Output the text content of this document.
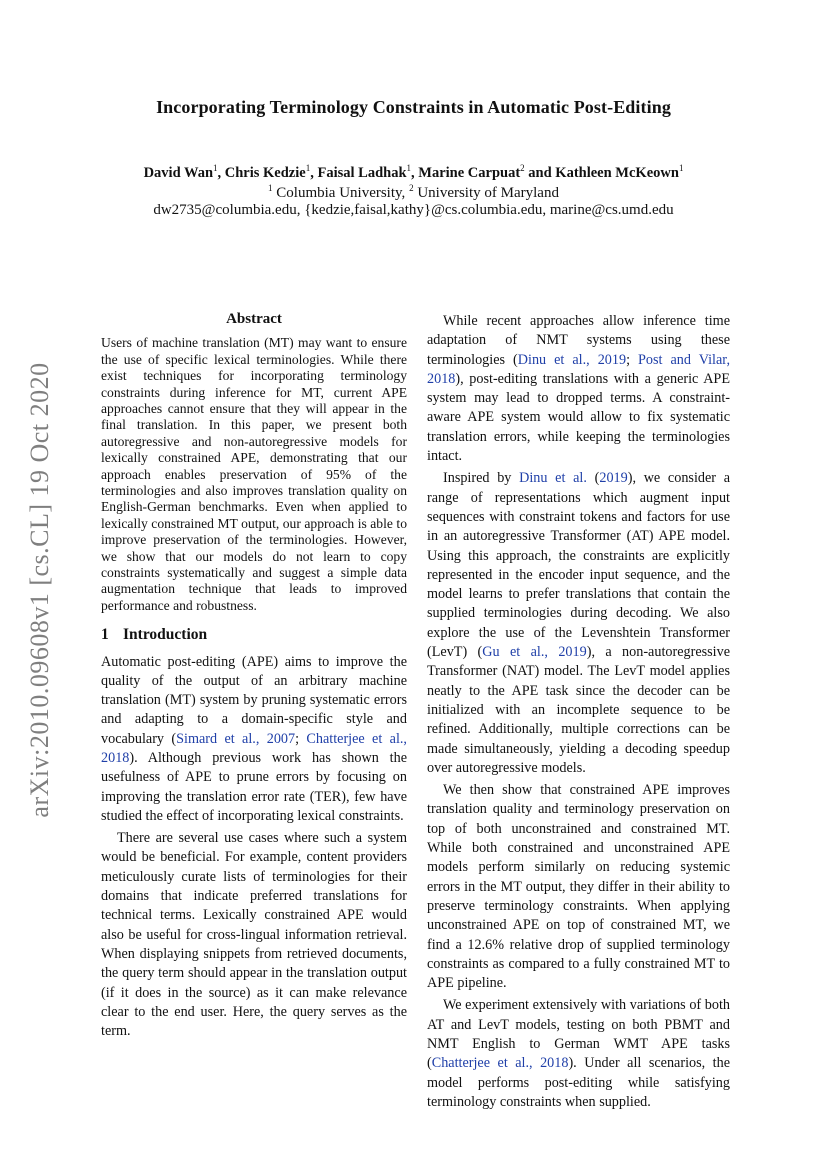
Incorporating Terminology Constraints in Automatic Post-Editing
David Wan$^1$, Chris Kedzie$^1$, Faisal Ladhak$^1$, Marine Carpuat$^2$ and Kathleen McKeown$^1$
$^1$ Columbia University, $^2$ University of Maryland
dw2735@columbia.edu, {kedzie,faisal,kathy}@cs.columbia.edu, marine@cs.umd.edu
arXiv:2010.09608v1 [cs.CL] 19 Oct 2020
Abstract

Users of machine translation (MT) may want to ensure the use of specific lexical terminologies. While there exist techniques for incorporating terminology constraints during inference for MT, current APE approaches cannot ensure that they will appear in the final translation. In this paper, we present both autoregressive and non-autoregressive models for lexically constrained APE, demonstrating that our approach enables preservation of 95% of the terminologies and also improves translation quality on English-German benchmarks. Even when applied to lexically constrained MT output, our approach is able to improve preservation of the terminologies. However, we show that our models do not learn to copy constraints systematically and suggest a simple data augmentation technique that leads to improved performance and robustness.

1 Introduction

Automatic post-editing (APE) aims to improve the quality of the output of an arbitrary machine translation (MT) system by pruning systematic errors and adapting to a domain-specific style and vocabulary (Simard et al., 2007; Chatterjee et al., 2018). Although previous work has shown the usefulness of APE to prune errors by focusing on improving the translation error rate (TER), few have studied the effect of incorporating lexical constraints.

There are several use cases where such a system would be beneficial. For example, content providers meticulously curate lists of terminologies for their domains that indicate preferred translations for technical terms. Lexically constrained APE would also be useful for cross-lingual information retrieval. When displaying snippets from retrieved documents, the query term should appear in the translation output (if it does in the source) as it can make relevance clear to the end user. Here, the query serves as the term.

While recent approaches allow inference time adaptation of NMT systems using these terminologies (Dinu et al., 2019; Post and Vilar, 2018), post-editing translations with a generic APE system may lead to dropped terms. A constraint-aware APE system would allow to fix systematic translation errors, while keeping the terminologies intact.

Inspired by Dinu et al. (2019), we consider a range of representations which augment input sequences with constraint tokens and factors for use in an autoregressive Transformer (AT) APE model. Using this approach, the constraints are explicitly represented in the encoder input sequence, and the model learns to prefer translations that contain the supplied terminologies during decoding. We also explore the use of the Levenshtein Transformer (LevT) (Gu et al., 2019), a non-autoregressive Transformer (NAT) model. The LevT model applies neatly to the APE task since the decoder can be initialized with an incomplete sequence to be refined. Additionally, multiple corrections can be made simultaneously, yielding a decoding speedup over autoregressive models.

We then show that constrained APE improves translation quality and terminology preservation on top of both unconstrained and constrained MT. While both constrained and unconstrained APE models perform similarly on reducing systemic errors in the MT output, they differ in their ability to preserve terminology constraints. When applying unconstrained APE on top of constrained MT, we find a 12.6% relative drop of supplied terminology constraints as compared to a fully constrained MT to APE pipeline.

We experiment extensively with variations of both AT and LevT models, testing on both PBMT and NMT English to German WMT APE tasks (Chatterjee et al., 2018). Under all scenarios, the model performs post-editing while satisfying terminology constraints when supplied.
